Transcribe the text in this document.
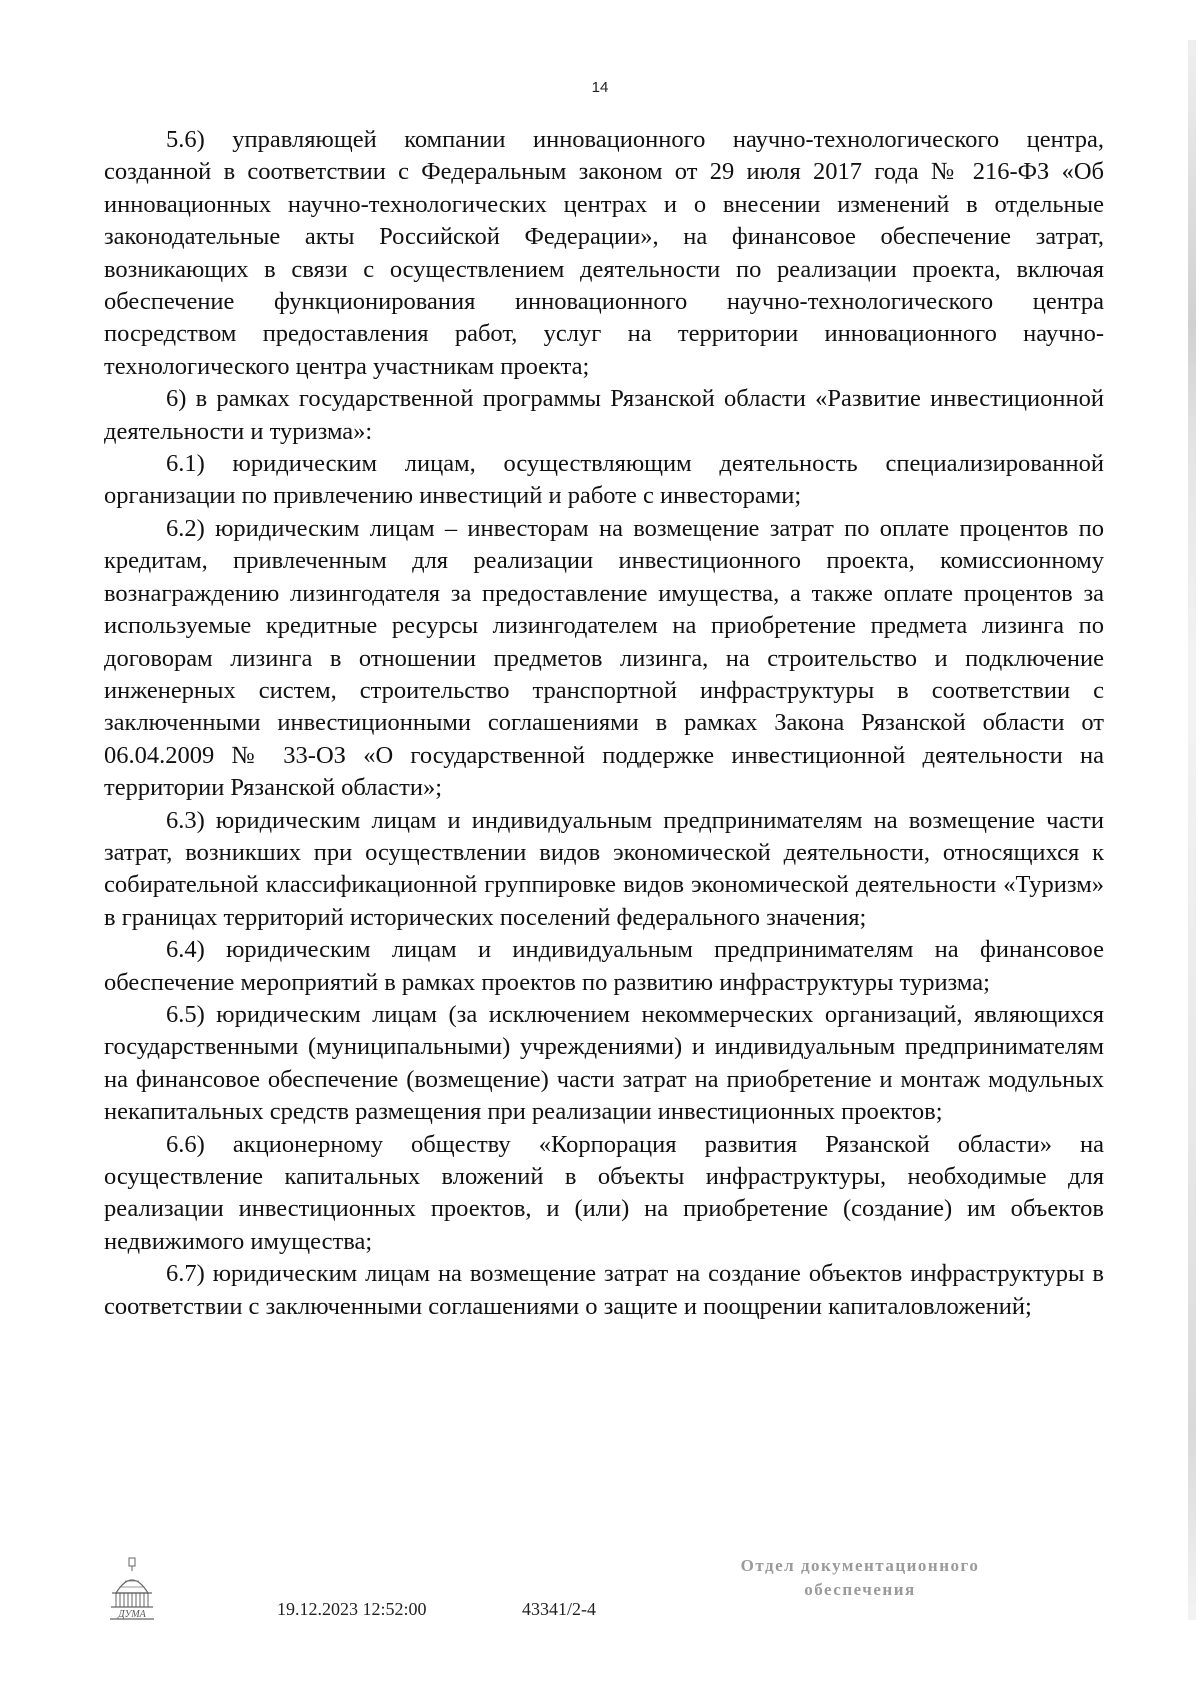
14

5.6) управляющей компании инновационного научно-технологического центра, созданной в соответствии с Федеральным законом от 29 июля 2017 года № 216-ФЗ «Об инновационных научно-технологических центрах и о внесении изменений в отдельные законодательные акты Российской Федерации», на финансовое обеспечение затрат, возникающих в связи с осуществлением деятельности по реализации проекта, включая обеспечение функционирования инновационного научно-технологического центра посредством предоставления работ, услуг на территории инновационного научно-технологического центра участникам проекта;

6) в рамках государственной программы Рязанской области «Развитие инвестиционной деятельности и туризма»:

6.1) юридическим лицам, осуществляющим деятельность специализированной организации по привлечению инвестиций и работе с инвесторами;

6.2) юридическим лицам – инвесторам на возмещение затрат по оплате процентов по кредитам, привлеченным для реализации инвестиционного проекта, комиссионному вознаграждению лизингодателя за предоставление имущества, а также оплате процентов за используемые кредитные ресурсы лизингодателем на приобретение предмета лизинга по договорам лизинга в отношении предметов лизинга, на строительство и подключение инженерных систем, строительство транспортной инфраструктуры в соответствии с заключенными инвестиционными соглашениями в рамках Закона Рязанской области от 06.04.2009 № 33-ОЗ «О государственной поддержке инвестиционной деятельности на территории Рязанской области»;

6.3) юридическим лицам и индивидуальным предпринимателям на возмещение части затрат, возникших при осуществлении видов экономической деятельности, относящихся к собирательной классификационной группировке видов экономической деятельности «Туризм» в границах территорий исторических поселений федерального значения;

6.4) юридическим лицам и индивидуальным предпринимателям на финансовое обеспечение мероприятий в рамках проектов по развитию инфраструктуры туризма;

6.5) юридическим лицам (за исключением некоммерческих организаций, являющихся государственными (муниципальными) учреждениями) и индивидуальным предпринимателям на финансовое обеспечение (возмещение) части затрат на приобретение и монтаж модульных некапитальных средств размещения при реализации инвестиционных проектов;

6.6) акционерному обществу «Корпорация развития Рязанской области» на осуществление капитальных вложений в объекты инфраструктуры, необходимые для реализации инвестиционных проектов, и (или) на приобретение (создание) им объектов недвижимого имущества;

6.7) юридическим лицам на возмещение затрат на создание объектов инфраструктуры в соответствии с заключенными соглашениями о защите и поощрении капиталовложений;

ДУМА	19.12.2023 12:52:00	43341/2-4
Отдел документационного
обеспечения
